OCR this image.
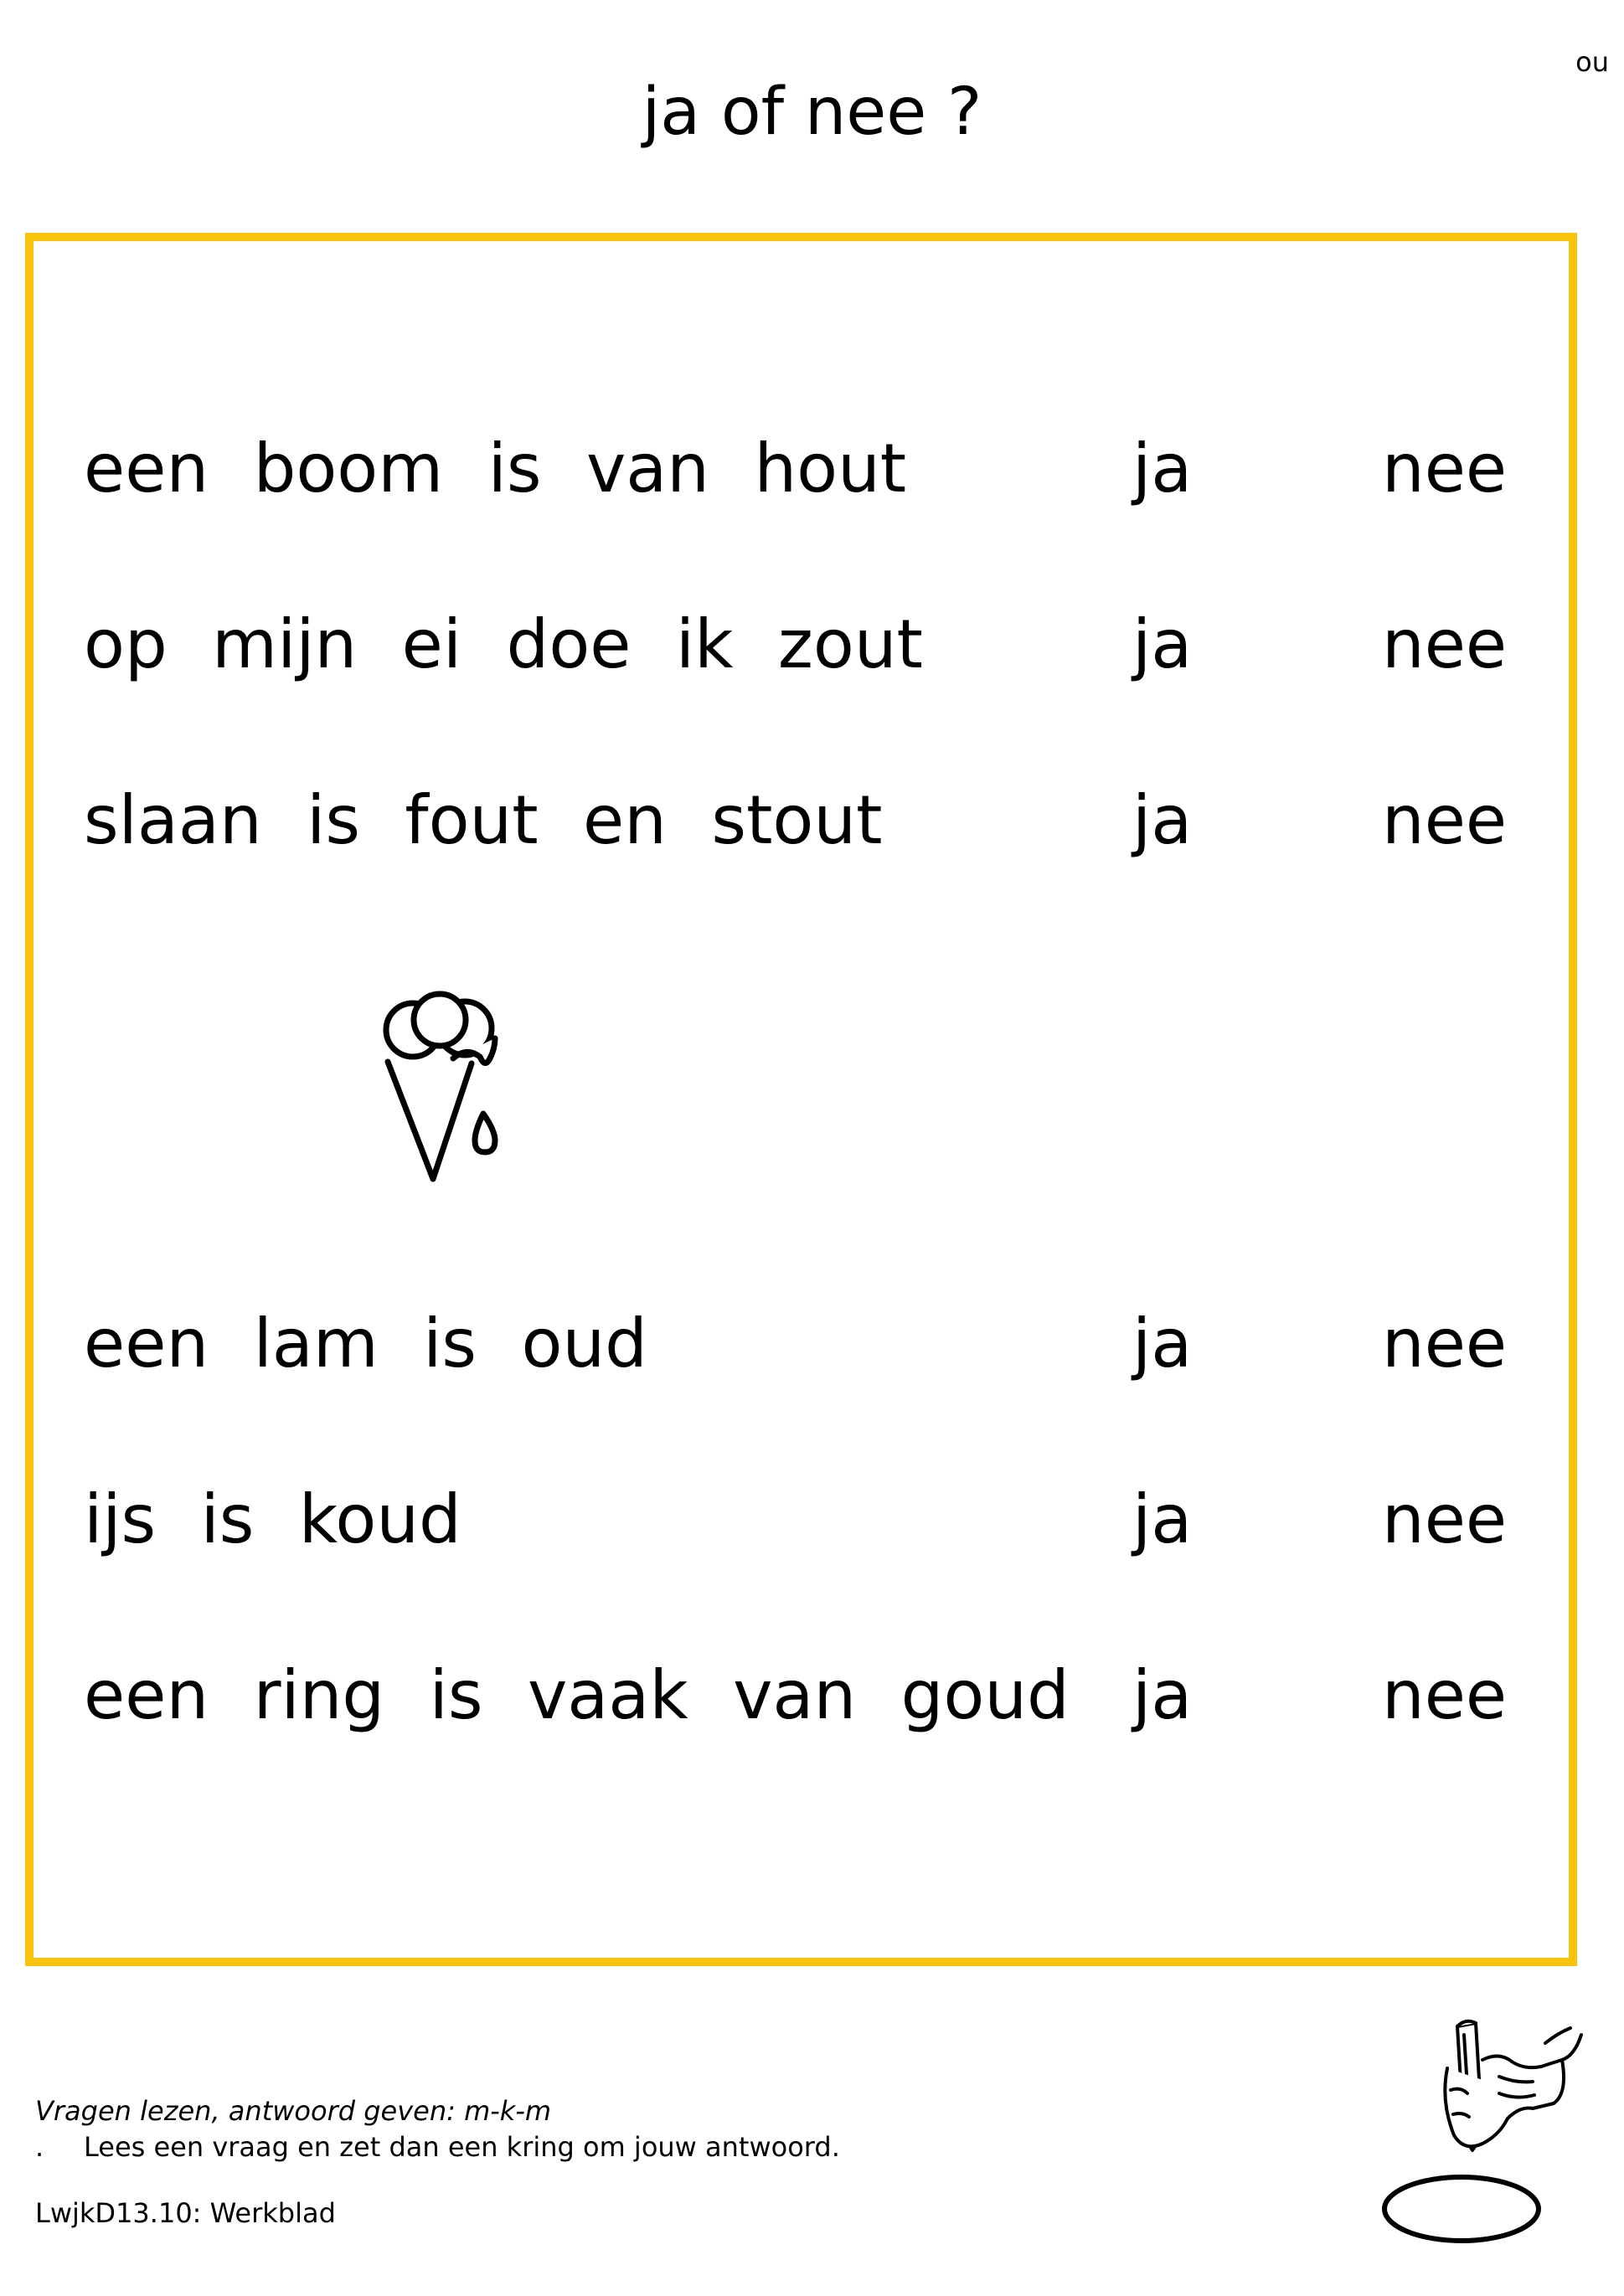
ou
ja of nee ?
een boom is van hout	ja	nee
op mijn ei doe ik zout	ja	nee
slaan is fout en stout	ja	nee
een lam is oud	ja	nee
ijs is koud	ja	nee
een ring is vaak van goud ja	nee
Vragen lezen, antwoord geven: m-k-m
. Lees een vraag en zet dan een kring om jouw antwoord.
LwjkD13.10: Werkblad
